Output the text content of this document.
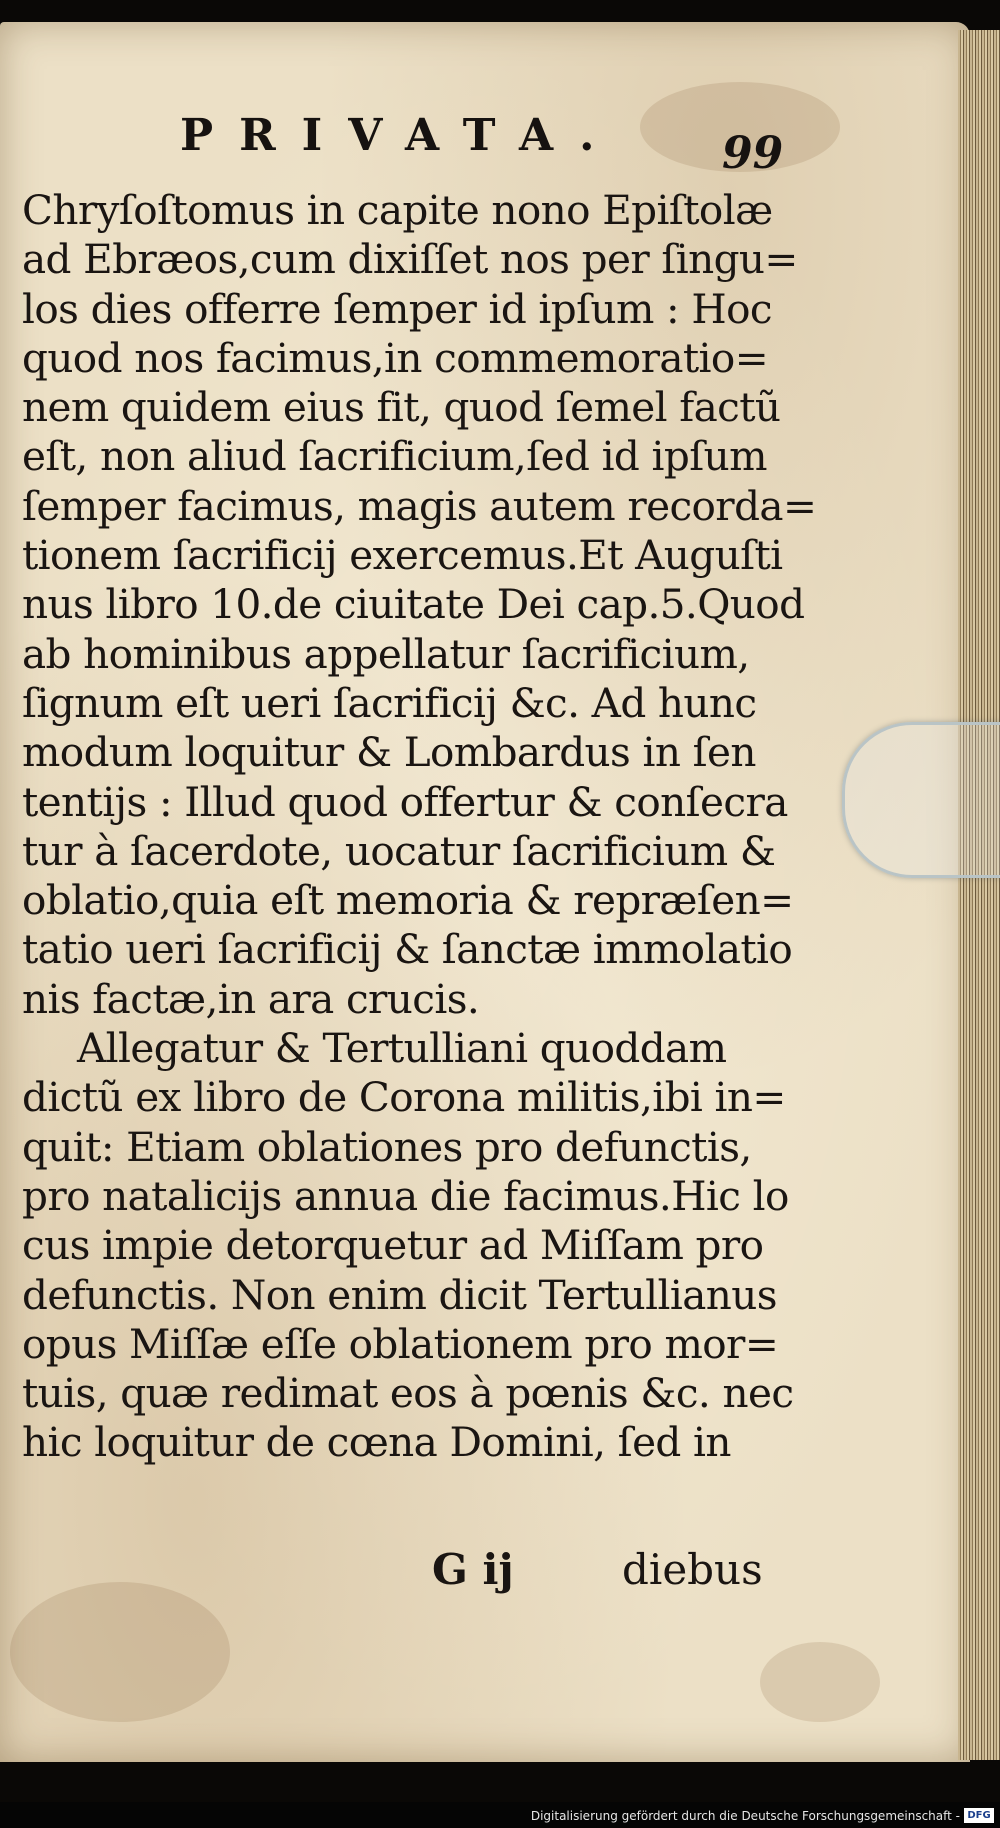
PRIVATA. 99
Chryſoſtomus in capite nono Epiſtolæ
ad Ebræos,cum dixiſſet nos per ſingu=
los dies offerre ſemper id ipſum : Hoc
quod nos facimus,in commemoratio=
nem quidem eius fit, quod ſemel factũ
eſt, non aliud ſacrificium,ſed id ipſum
ſemper facimus, magis autem recorda=
tionem ſacrificij exercemus.Et Auguſti
nus libro 10.de ciuitate Dei cap.5.Quod
ab hominibus appellatur ſacrificium,
ſignum eſt ueri ſacrificij &c. Ad hunc
modum loquitur & Lombardus in ſen
tentijs : Illud quod offertur & conſecra
tur à ſacerdote, uocatur ſacrificium &
oblatio,quia eſt memoria & repræſen=
tatio ueri ſacrificij & ſanctæ immolatio
nis factæ,in ara crucis.
Allegatur & Tertulliani quoddam
dictũ ex libro de Corona militis,ibi in=
quit: Etiam oblationes pro defunctis,
pro natalicijs annua die facimus.Hic lo
cus impie detorquetur ad Miſſam pro
defunctis. Non enim dicit Tertullianus
opus Miſſæ eſſe oblationem pro mor=
tuis, quæ redimat eos à pœnis &c. nec
hic loquitur de cœna Domini, ſed in
G ij	diebus
Digitalisierung gefördert durch die Deutsche Forschungsgemeinschaft - DFG
